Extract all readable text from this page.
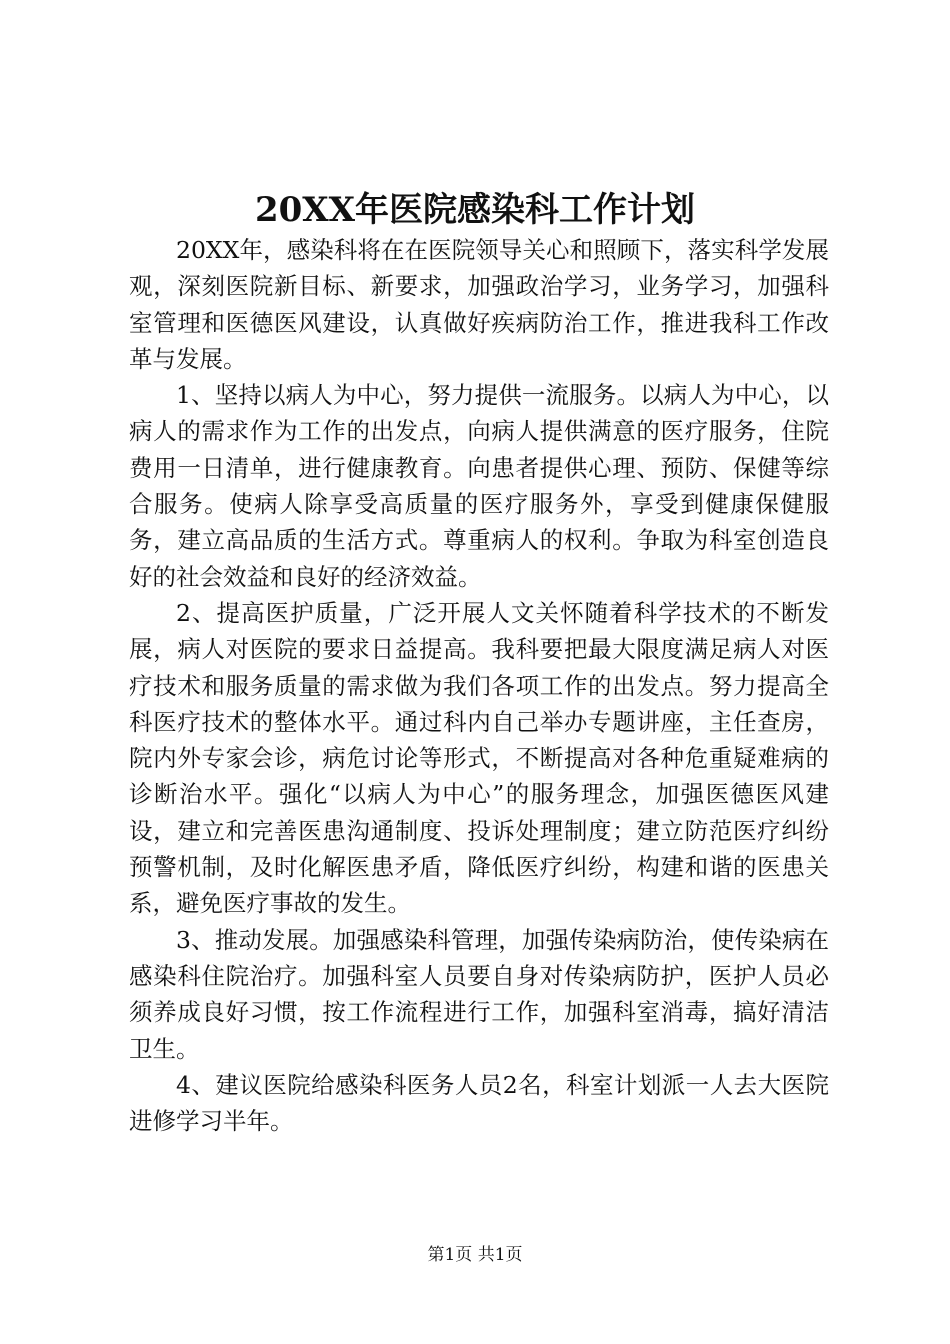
20XX年医院感染科工作计划

20XX年，感染科将在在医院领导关心和照顾下，落实科学发展观，深刻医院新目标、新要求，加强政治学习，业务学习，加强科室管理和医德医风建设，认真做好疾病防治工作，推进我科工作改革与发展。

1、坚持以病人为中心，努力提供一流服务。以病人为中心，以病人的需求作为工作的出发点，向病人提供满意的医疗服务，住院费用一日清单，进行健康教育。向患者提供心理、预防、保健等综合服务。使病人除享受高质量的医疗服务外，享受到健康保健服务，建立高品质的生活方式。尊重病人的权利。争取为科室创造良好的社会效益和良好的经济效益。

2、提高医护质量，广泛开展人文关怀随着科学技术的不断发展，病人对医院的要求日益提高。我科要把最大限度满足病人对医疗技术和服务质量的需求做为我们各项工作的出发点。努力提高全科医疗技术的整体水平。通过科内自己举办专题讲座，主任查房，院内外专家会诊，病危讨论等形式，不断提高对各种危重疑难病的诊断治水平。强化“以病人为中心”的服务理念，加强医德医风建设，建立和完善医患沟通制度、投诉处理制度；建立防范医疗纠纷预警机制，及时化解医患矛盾，降低医疗纠纷，构建和谐的医患关系，避免医疗事故的发生。

3、推动发展。加强感染科管理，加强传染病防治，使传染病在感染科住院治疗。加强科室人员要自身对传染病防护，医护人员必须养成良好习惯，按工作流程进行工作，加强科室消毒，搞好清洁卫生。

4、建议医院给感染科医务人员2名，科室计划派一人去大医院进修学习半年。

第1页 共1页
